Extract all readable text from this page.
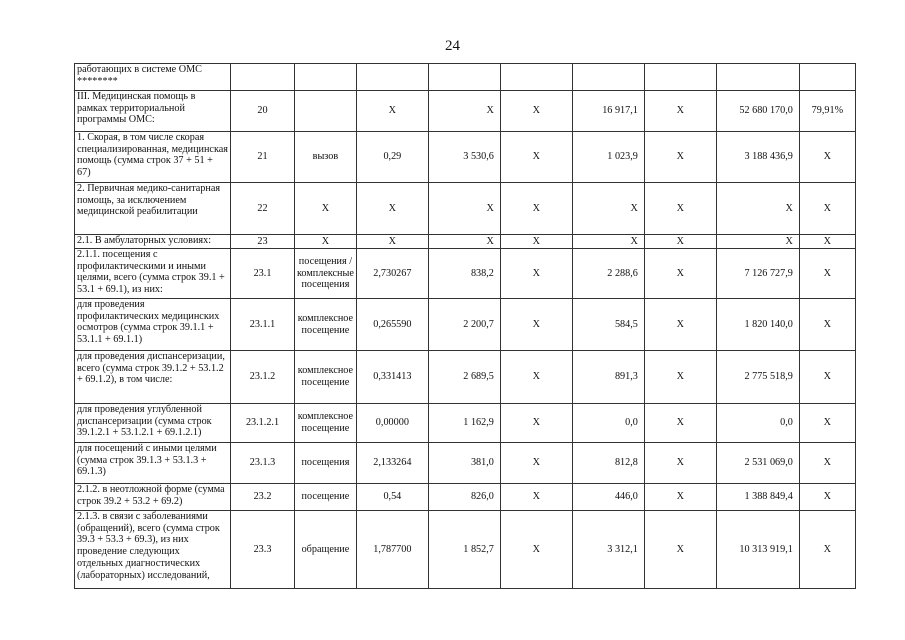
24
работающих в системе ОМС ********									
III. Медицинская помощь в рамках территориальной программы ОМС:	20		X	X	X	16 917,1	X	52 680 170,0	79,91%
1. Скорая, в том числе скорая специализированная, медицинская помощь (сумма строк 37 + 51 + 67)	21	вызов	0,29	3 530,6	X	1 023,9	X	3 188 436,9	X
2. Первичная медико-санитарная помощь, за исключением медицинской реабилитации	22	X	X	X	X	X	X	X	X
2.1. В амбулаторных условиях:	23	X	X	X	X	X	X	X	X
2.1.1. посещения с профилактическими и иными целями, всего (сумма строк 39.1 + 53.1 + 69.1), из них:	23.1	посещения /комплексные посещения	2,730267	838,2	X	2 288,6	X	7 126 727,9	X
для проведения профилактических медицинских осмотров (сумма строк 39.1.1 + 53.1.1 + 69.1.1)	23.1.1	комплексное посещение	0,265590	2 200,7	X	584,5	X	1 820 140,0	X
для проведения диспансеризации, всего (сумма строк 39.1.2 + 53.1.2 + 69.1.2), в том числе:	23.1.2	комплексное посещение	0,331413	2 689,5	X	891,3	X	2 775 518,9	X
для проведения углубленной диспансеризации (сумма строк 39.1.2.1 + 53.1.2.1 + 69.1.2.1)	23.1.2.1	комплексное посещение	0,00000	1 162,9	X	0,0	X	0,0	X
для посещений с иными целями (сумма строк 39.1.3 + 53.1.3 + 69.1.3)	23.1.3	посещения	2,133264	381,0	X	812,8	X	2 531 069,0	X
2.1.2. в неотложной форме (сумма строк 39.2 + 53.2 + 69.2)	23.2	посещение	0,54	826,0	X	446,0	X	1 388 849,4	X
2.1.3. в связи с заболеваниями (обращений), всего (сумма строк 39.3 + 53.3 + 69.3), из них проведение следующих отдельных диагностических (лабораторных) исследований,	23.3	обращение	1,787700	1 852,7	X	3 312,1	X	10 313 919,1	X
